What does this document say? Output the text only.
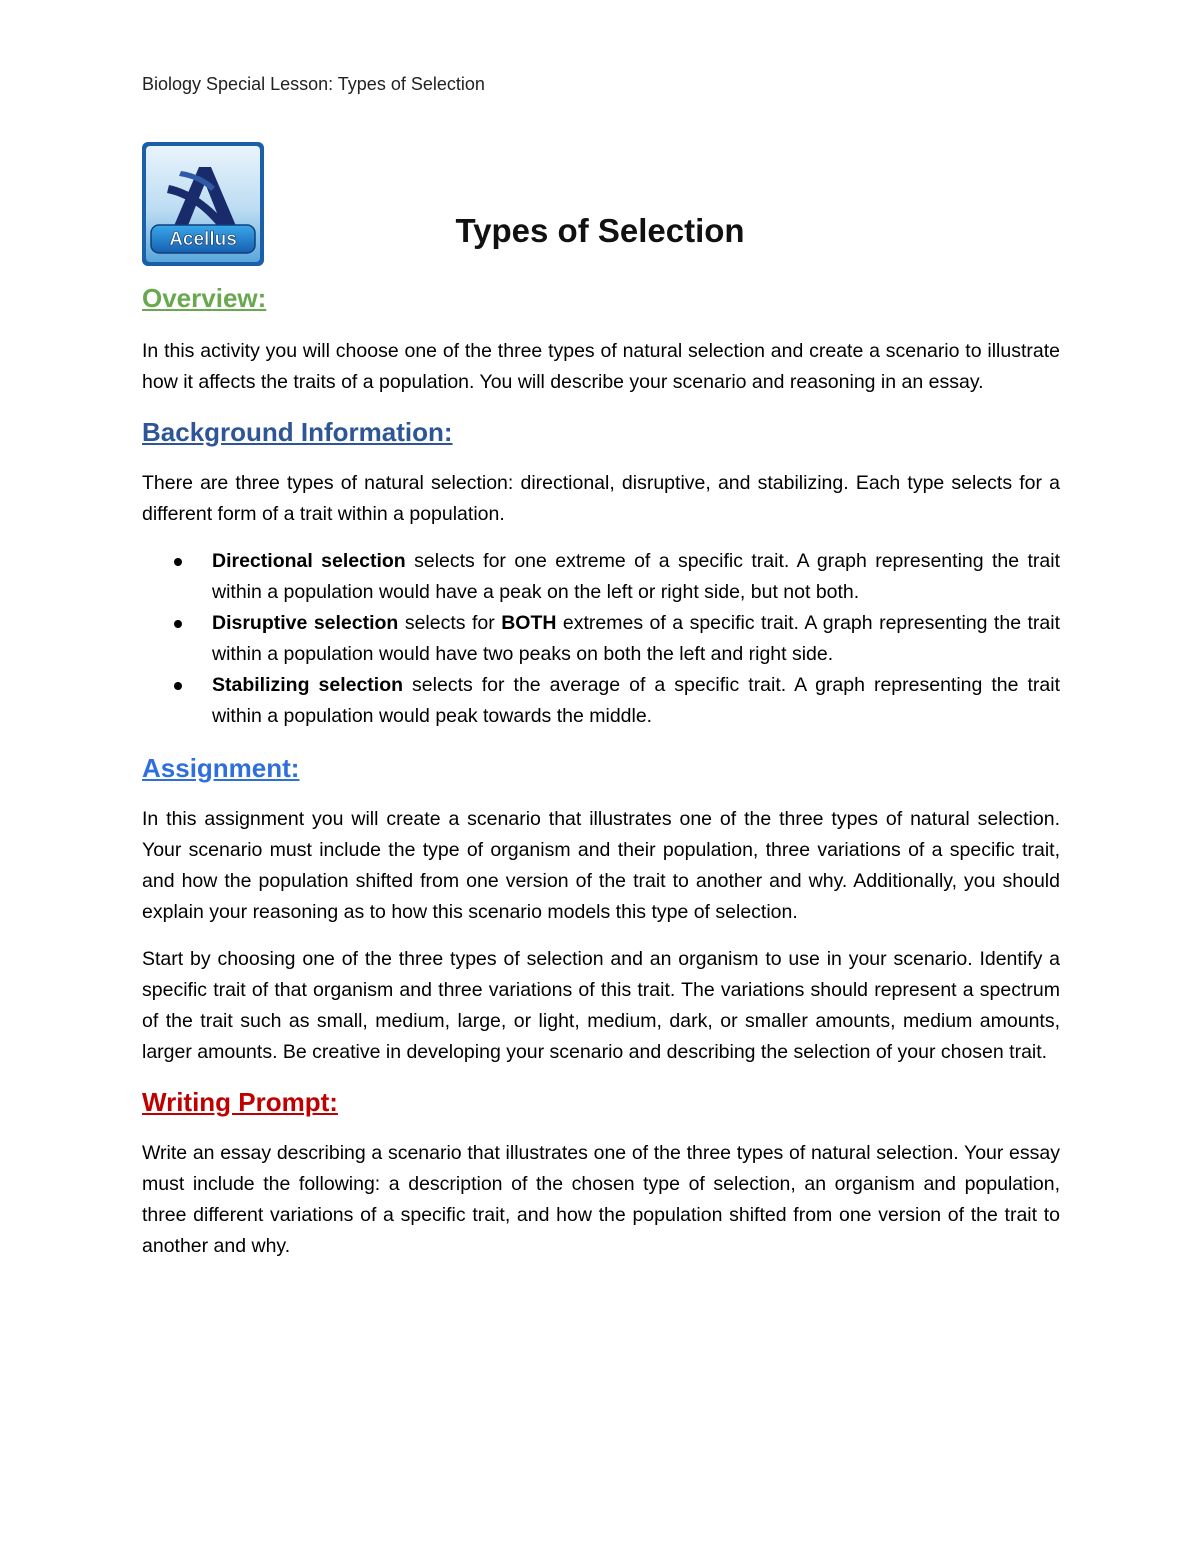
Biology Special Lesson: Types of Selection
Acellus	Types of Selection
Overview:

In this activity you will choose one of the three types of natural selection and create a scenario to illustrate how it affects the traits of a population. You will describe your scenario and reasoning in an essay.

Background Information:

There are three types of natural selection: directional, disruptive, and stabilizing. Each type selects for a different form of a trait within a population.

Directional selection selects for one extreme of a specific trait. A graph representing the trait within a population would have a peak on the left or right side, but not both.
Disruptive selection selects for BOTH extremes of a specific trait. A graph representing the trait within a population would have two peaks on both the left and right side.
Stabilizing selection selects for the average of a specific trait. A graph representing the trait within a population would peak towards the middle.
Assignment:

In this assignment you will create a scenario that illustrates one of the three types of natural selection. Your scenario must include the type of organism and their population, three variations of a specific trait, and how the population shifted from one version of the trait to another and why. Additionally, you should explain your reasoning as to how this scenario models this type of selection.

Start by choosing one of the three types of selection and an organism to use in your scenario. Identify a specific trait of that organism and three variations of this trait. The variations should represent a spectrum of the trait such as small, medium, large, or light, medium, dark, or smaller amounts, medium amounts, larger amounts. Be creative in developing your scenario and describing the selection of your chosen trait.

Writing Prompt:

Write an essay describing a scenario that illustrates one of the three types of natural selection. Your essay must include the following: a description of the chosen type of selection, an organism and population, three different variations of a specific trait, and how the population shifted from one version of the trait to another and why.
